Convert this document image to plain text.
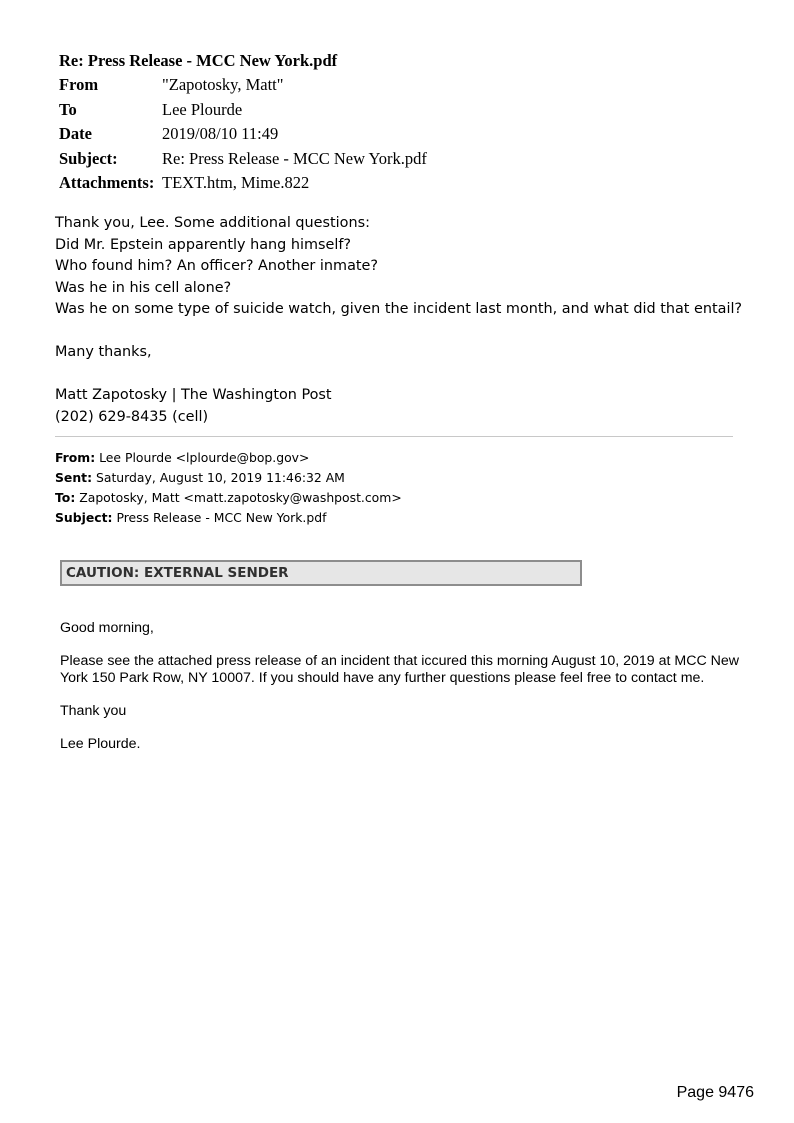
Re: Press Release - MCC New York.pdf
From	"Zapotosky, Matt"
To	Lee Plourde
Date	2019/08/10 11:49
Subject:	Re: Press Release - MCC New York.pdf
Attachments: TEXT.htm, Mime.822

Thank you, Lee. Some additional questions:

Did Mr. Epstein apparently hang himself?

Who found him? An officer? Another inmate?

Was he in his cell alone?

Was he on some type of suicide watch, given the incident last month, and what did that entail?

Many thanks,

Matt Zapotosky | The Washington Post

(202) 629-8435 (cell)

From: Lee Plourde <lplourde@bop.gov>

Sent: Saturday, August 10, 2019 11:46:32 AM

To: Zapotosky, Matt <matt.zapotosky@washpost.com>

Subject: Press Release - MCC New York.pdf

CAUTION: EXTERNAL SENDER

Good morning,

Please see the attached press release of an incident that iccured this morning August 10, 2019 at MCC New York 150 Park Row, NY 10007. If you should have any further questions please feel free to contact me.

Thank you

Lee Plourde.

Page 9476
